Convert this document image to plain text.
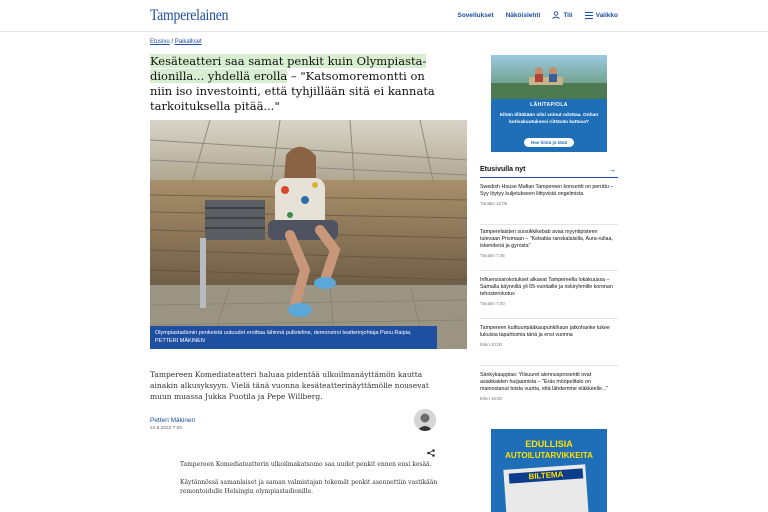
Tamperelainen	Sovellukset Näköislehti	Tili	Valikko
Etusivu / Paikalliset
Kesäteatteri saa samat penkit kuin Olympiasta-dionilla... yhdellä erolla – "Katsomoremontti on niin iso investointi, että tyhjillään sitä ei kannata tarkoituksella pitää..."
Olympiastadionin penkeistä uutuudet eroittaa lähinnä pulloteline, demonstroi teatterinjohtaja Panu Raipia. PETTERI MÄKINEN

Tampereen Komediateatteri haluaa pidentää ulkoilmanäyttämön kautta ainakin alkusyksyyn. Vielä tänä vuonna kesäteatterinäyttämölle nousevat muun muassa Jukka Puotila ja Pepe Willberg.

Petteri Mäkinen
24.8.2022 7:00

Tampereen Komediateatterin ulkoilmakatsomo saa uudet penkit ennen ensi kesää.

Käytännössä samanlaiset ja saman valmistajan tekemät penkit asennettiin vastikään remontoidulle Helsingin olympiastadionille.

LÄHITAPIOLA
Eihän tilitäkään olisi voinut odottaa. Onhan kotivakuutuksesi riittävän kattava?
Hae hinta jo tänä
Etusivulla nyt	→
Swedish House Mafian Tampereen konsertti on peruttu – Syy löytyy kuljetukseen liittyvistä ongelmista
Tänään 12:06
Tamperelaisten suosikkikebab avaa myyntipisteen tulevaan Prismaan – "Kebabia ranskalaisilla, Aura-rullaa, iskenderiä ja gyrosta"
Tänään 7:46
Influenssarokotukset alkavat Tampereella lokakuussa – Samalla käynnillä yli 65-vuotiaille ja riskiryhmille koronan tehosterokotus
Tänään 7:00
Tampereen kulttuuripääkaupunkihaun jatkohanke tukee lukuisia tapahtumia tänä ja ensi vuonna
Eilen 20:00
Sänkykauppias: Ylisuuret alennusprosentit ovat asiakkaiden huijaamista – "Eräs mööpelitalo on mainostanut toista vuotta, että lähdemme eläkkeelle..."
Eilen 18:00
EDULLISIA
AUTOILUTARVIKKEITA
BILTEMA
